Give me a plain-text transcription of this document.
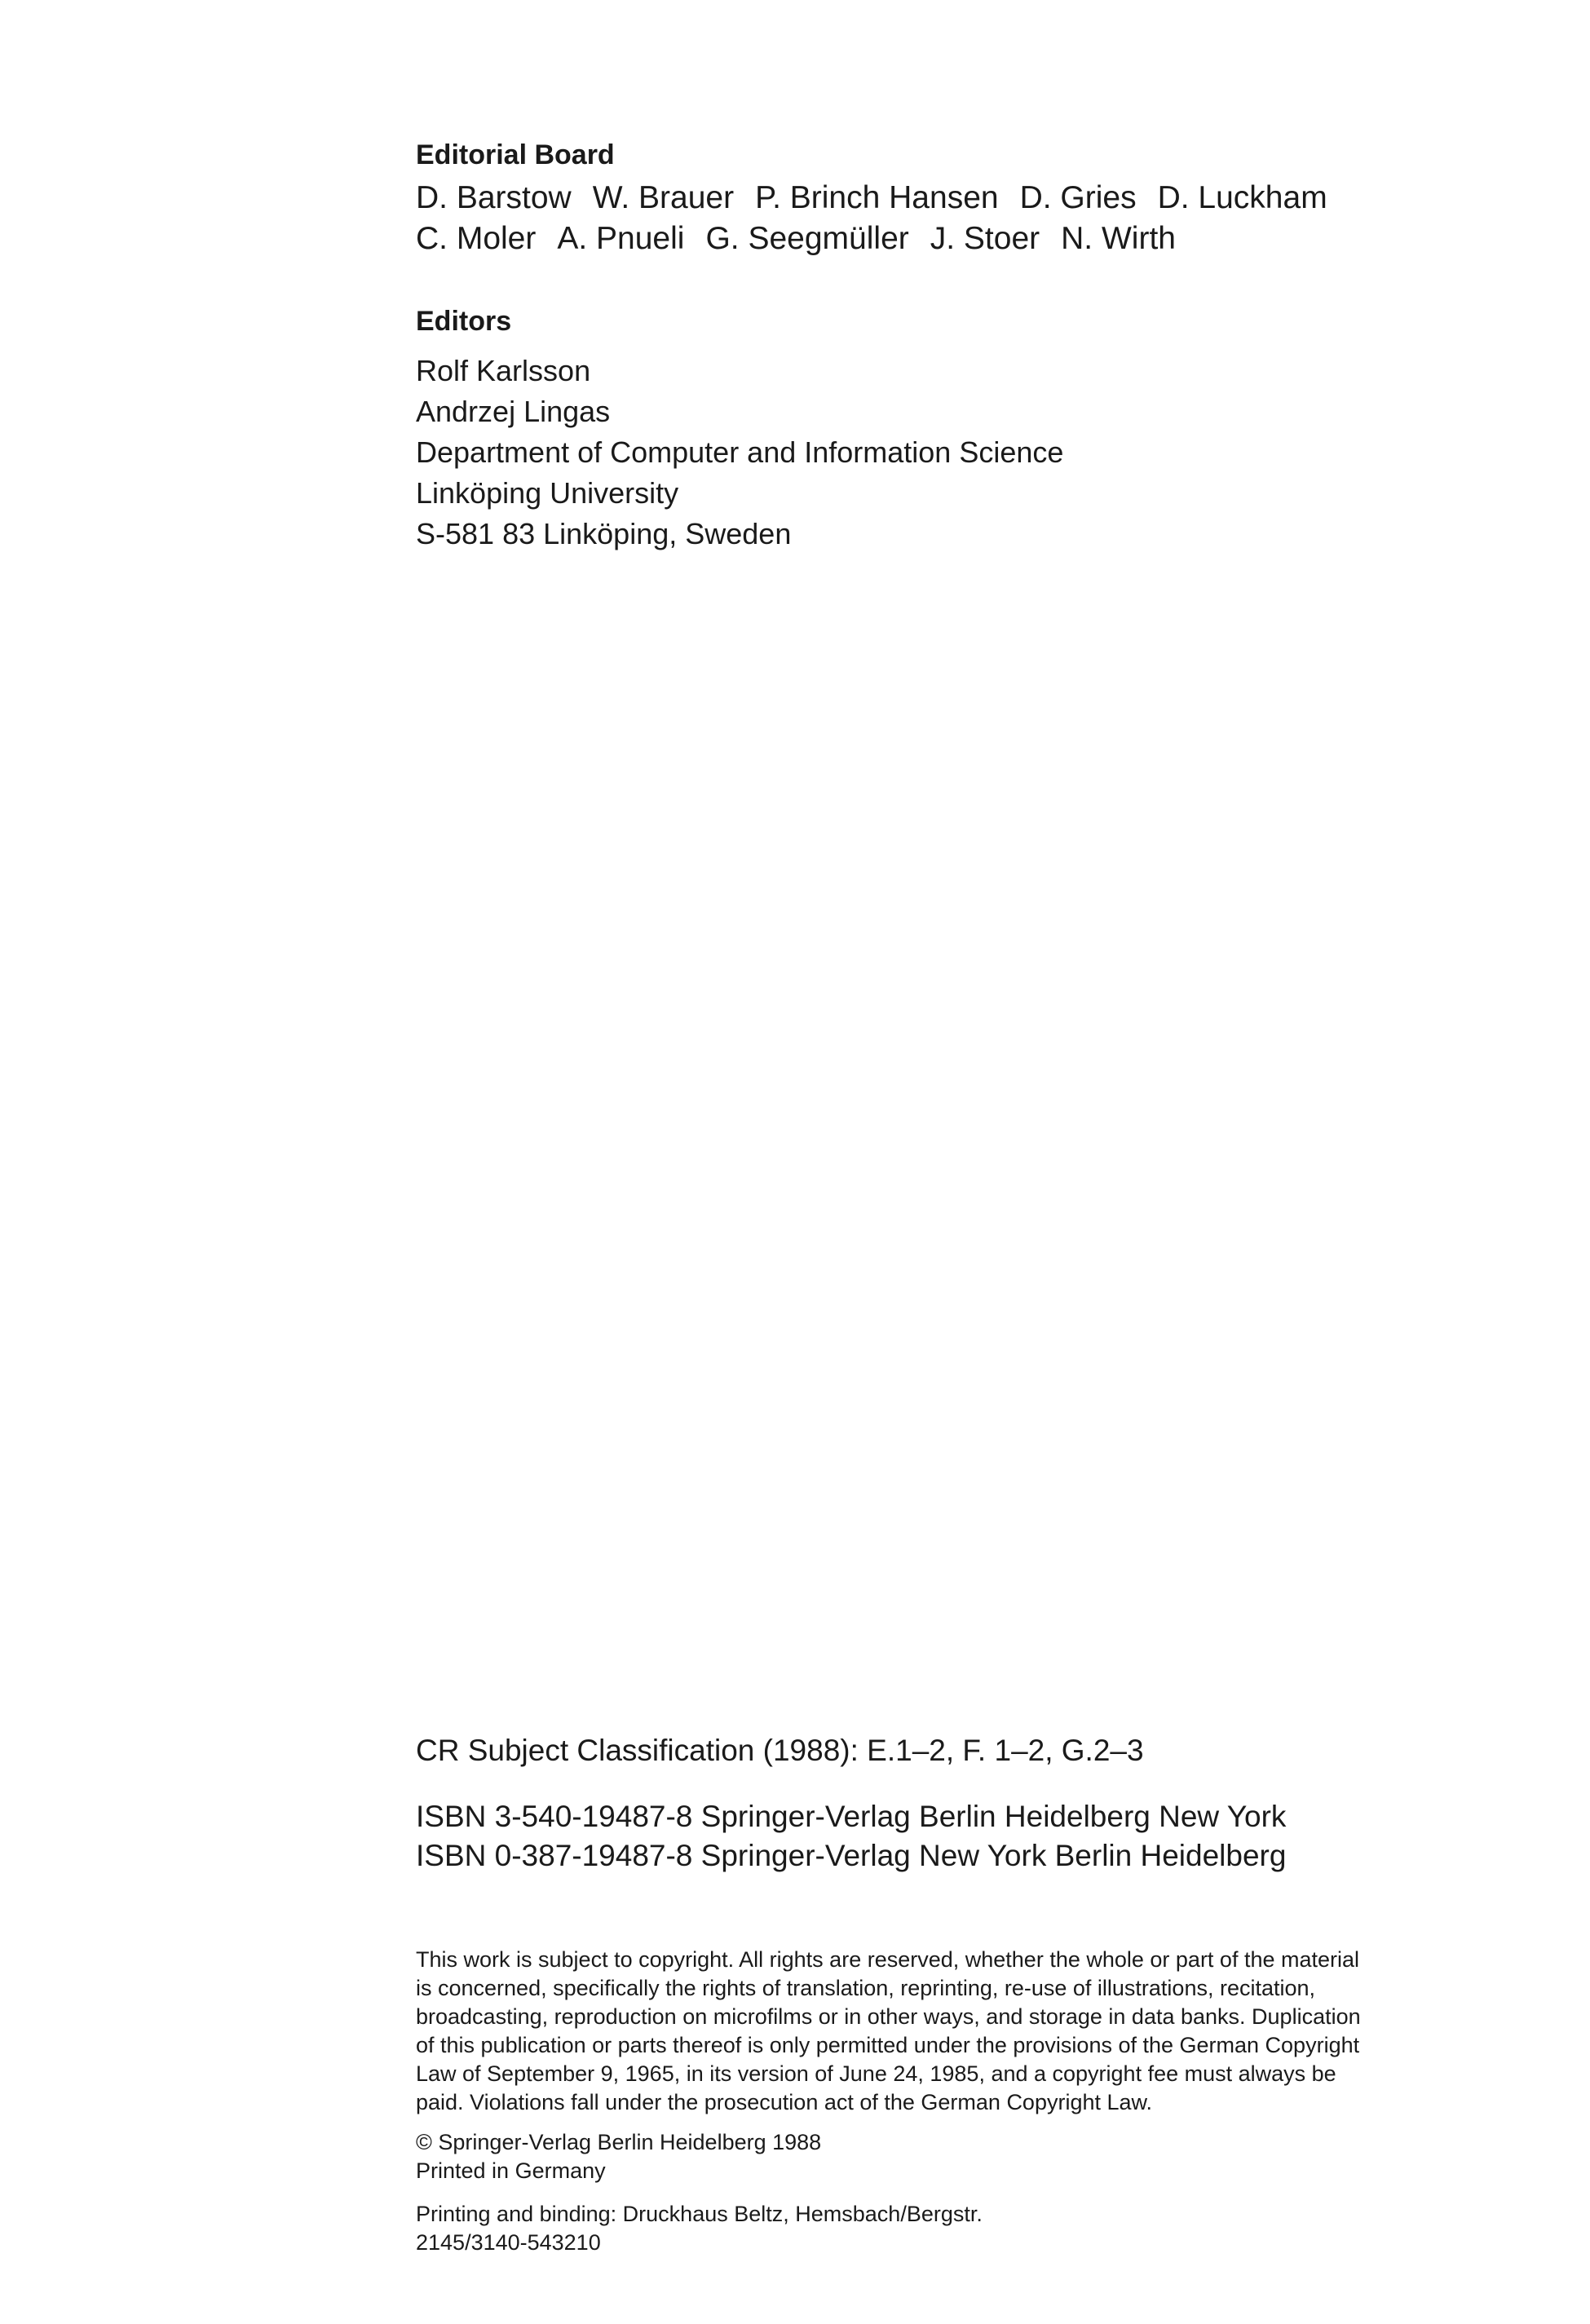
Editorial Board

D. Barstow W. Brauer P. Brinch Hansen D. Gries D. Luckham

C. Moler A. Pnueli G. Seegmüller J. Stoer N. Wirth

Editors

Rolf Karlsson

Andrzej Lingas

Department of Computer and Information Science

Linköping University

S-581 83 Linköping, Sweden

CR Subject Classification (1988): E.1–2, F. 1–2, G.2–3

ISBN 3-540-19487-8 Springer-Verlag Berlin Heidelberg New York

ISBN 0-387-19487-8 Springer-Verlag New York Berlin Heidelberg

This work is subject to copyright. All rights are reserved, whether the whole or part of the material

is concerned, specifically the rights of translation, reprinting, re-use of illustrations, recitation,

broadcasting, reproduction on microfilms or in other ways, and storage in data banks. Duplication

of this publication or parts thereof is only permitted under the provisions of the German Copyright

Law of September 9, 1965, in its version of June 24, 1985, and a copyright fee must always be

paid. Violations fall under the prosecution act of the German Copyright Law.

© Springer-Verlag Berlin Heidelberg 1988

Printed in Germany

Printing and binding: Druckhaus Beltz, Hemsbach/Bergstr.

2145/3140-543210
